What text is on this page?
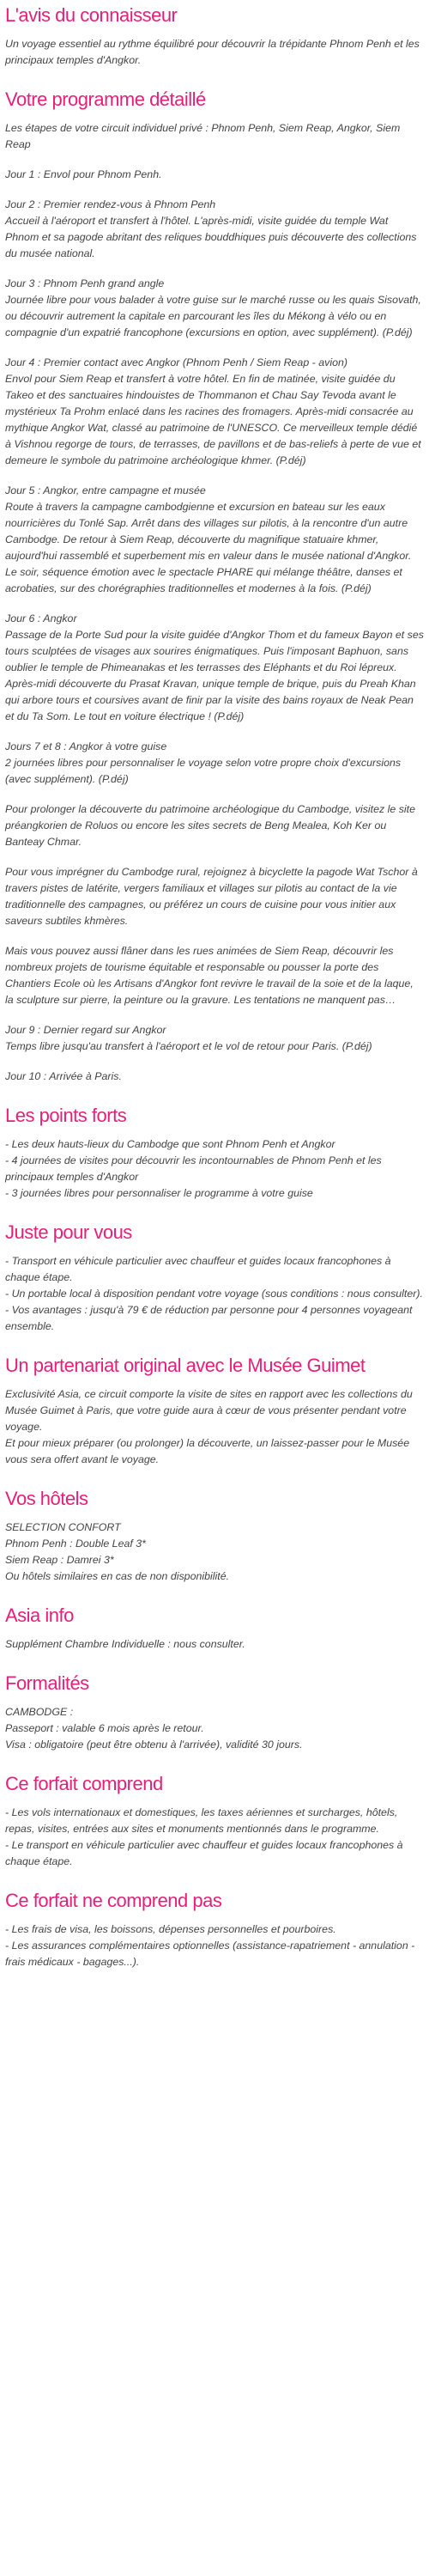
L'avis du connaisseur

Un voyage essentiel au rythme équilibré pour découvrir la trépidante Phnom Penh et les principaux temples d'Angkor.

Votre programme détaillé

Les étapes de votre circuit individuel privé : Phnom Penh, Siem Reap, Angkor, Siem Reap

Jour 1 : Envol pour Phnom Penh.

Jour 2 : Premier rendez-vous à Phnom Penh
Accueil à l'aéroport et transfert à l'hôtel. L'après-midi, visite guidée du temple Wat Phnom et sa pagode abritant des reliques bouddhiques puis découverte des collections du musée national.
Jour 3 : Phnom Penh grand angle
Journée libre pour vous balader à votre guise sur le marché russe ou les quais Sisovath, ou découvrir autrement la capitale en parcourant les îles du Mékong à vélo ou en compagnie d'un expatrié francophone (excursions en option, avec supplément). (P.déj)
Jour 4 : Premier contact avec Angkor (Phnom Penh / Siem Reap - avion)
Envol pour Siem Reap et transfert à votre hôtel. En fin de matinée, visite guidée du Takeo et des sanctuaires hindouistes de Thommanon et Chau Say Tevoda avant le mystérieux Ta Prohm enlacé dans les racines des fromagers. Après-midi consacrée au mythique Angkor Wat, classé au patrimoine de l'UNESCO. Ce merveilleux temple dédié à Vishnou regorge de tours, de terrasses, de pavillons et de bas-reliefs à perte de vue et demeure le symbole du patrimoine archéologique khmer. (P.déj)
Jour 5 : Angkor, entre campagne et musée
Route à travers la campagne cambodgienne et excursion en bateau sur les eaux nourricières du Tonlé Sap. Arrêt dans des villages sur pilotis, à la rencontre d'un autre Cambodge. De retour à Siem Reap, découverte du magnifique statuaire khmer, aujourd'hui rassemblé et superbement mis en valeur dans le musée national d'Angkor. Le soir, séquence émotion avec le spectacle PHARE qui mélange théâtre, danses et acrobaties, sur des chorégraphies traditionnelles et modernes à la fois. (P.déj)
Jour 6 : Angkor
Passage de la Porte Sud pour la visite guidée d'Angkor Thom et du fameux Bayon et ses tours sculptées de visages aux sourires énigmatiques. Puis l'imposant Baphuon, sans oublier le temple de Phimeanakas et les terrasses des Eléphants et du Roi lépreux. Après-midi découverte du Prasat Kravan, unique temple de brique, puis du Preah Khan qui arbore tours et coursives avant de finir par la visite des bains royaux de Neak Pean et du Ta Som. Le tout en voiture électrique ! (P.déj)
Jours 7 et 8 : Angkor à votre guise
2 journées libres pour personnaliser le voyage selon votre propre choix d'excursions (avec supplément). (P.déj)

Pour prolonger la découverte du patrimoine archéologique du Cambodge, visitez le site préangkorien de Roluos ou encore les sites secrets de Beng Mealea, Koh Ker ou Banteay Chmar.

Pour vous imprégner du Cambodge rural, rejoignez à bicyclette la pagode Wat Tschor à travers pistes de latérite, vergers familiaux et villages sur pilotis au contact de la vie traditionnelle des campagnes, ou préférez un cours de cuisine pour vous initier aux saveurs subtiles khmères.

Mais vous pouvez aussi flâner dans les rues animées de Siem Reap, découvrir les nombreux projets de tourisme équitable et responsable ou pousser la porte des Chantiers Ecole où les Artisans d'Angkor font revivre le travail de la soie et de la laque, la sculpture sur pierre, la peinture ou la gravure. Les tentations ne manquent pas…

Jour 9 : Dernier regard sur Angkor
Temps libre jusqu'au transfert à l'aéroport et le vol de retour pour Paris. (P.déj)

Jour 10 : Arrivée à Paris.

Les points forts
- Les deux hauts-lieux du Cambodge que sont Phnom Penh et Angkor
- 4 journées de visites pour découvrir les incontournables de Phnom Penh et les principaux temples d'Angkor
- 3 journées libres pour personnaliser le programme à votre guise
Juste pour vous
- Transport en véhicule particulier avec chauffeur et guides locaux francophones à chaque étape.
- Un portable local à disposition pendant votre voyage (sous conditions : nous consulter).
- Vos avantages : jusqu'à 79 € de réduction par personne pour 4 personnes voyageant ensemble.
Un partenariat original avec le Musée Guimet
Exclusivité Asia, ce circuit comporte la visite de sites en rapport avec les collections du Musée Guimet à Paris, que votre guide aura à cœur de vous présenter pendant votre voyage.
Et pour mieux préparer (ou prolonger) la découverte, un laissez-passer pour le Musée vous sera offert avant le voyage.
Vos hôtels
SELECTION CONFORT
Phnom Penh : Double Leaf 3*
Siem Reap : Damrei 3*
Ou hôtels similaires en cas de non disponibilité.
Asia info

Supplément Chambre Individuelle : nous consulter.

Formalités
CAMBODGE :
Passeport : valable 6 mois après le retour.
Visa : obligatoire (peut être obtenu à l'arrivée), validité 30 jours.
Ce forfait comprend
- Les vols internationaux et domestiques, les taxes aériennes et surcharges, hôtels, repas, visites, entrées aux sites et monuments mentionnés dans le programme.
- Le transport en véhicule particulier avec chauffeur et guides locaux francophones à chaque étape.
Ce forfait ne comprend pas
- Les frais de visa, les boissons, dépenses personnelles et pourboires.
- Les assurances complémentaires optionnelles (assistance-rapatriement - annulation - frais médicaux - bagages...).
